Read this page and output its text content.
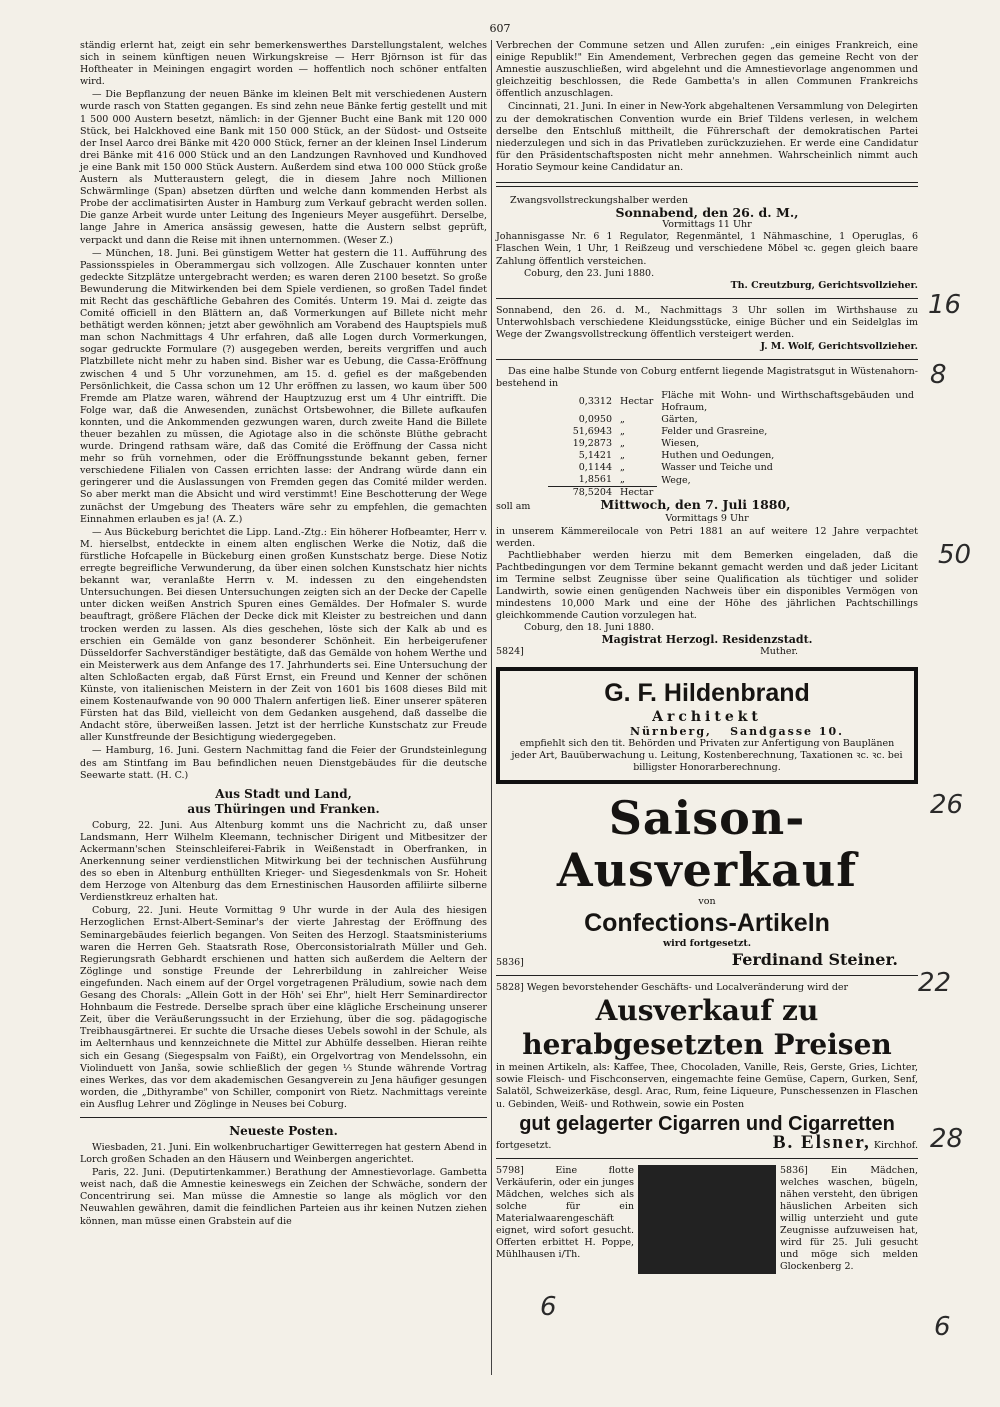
607

ständig erlernt hat, zeigt ein sehr bemerkenswerthes Darstellungstalent, welches sich in seinem künftigen neuen Wirkungskreise — Herr Björnson ist für das Hoftheater in Meiningen engagirt worden — hoffentlich noch schöner entfalten wird.

— Die Bepflanzung der neuen Bänke im kleinen Belt mit verschiedenen Austern wurde rasch von Statten gegangen. Es sind zehn neue Bänke fertig gestellt und mit 1 500 000 Austern besetzt, nämlich: in der Gjenner Bucht eine Bank mit 120 000 Stück, bei Halckhoved eine Bank mit 150 000 Stück, an der Südost- und Ostseite der Insel Aarco drei Bänke mit 420 000 Stück, ferner an der kleinen Insel Linderum drei Bänke mit 416 000 Stück und an den Landzungen Ravnhoved und Kundhoved je eine Bank mit 150 000 Stück Austern. Außerdem sind etwa 100 000 Stück große Austern als Mutteraustern gelegt, die in diesem Jahre noch Millionen Schwärmlinge (Span) absetzen dürften und welche dann kommenden Herbst als Probe der acclimatisirten Auster in Hamburg zum Verkauf gebracht werden sollen. Die ganze Arbeit wurde unter Leitung des Ingenieurs Meyer ausgeführt. Derselbe, lange Jahre in America ansässig gewesen, hatte die Austern selbst geprüft, verpackt und dann die Reise mit ihnen unternommen. (Weser Z.)

— München, 18. Juni. Bei günstigem Wetter hat gestern die 11. Aufführung des Passionsspieles in Oberammergau sich vollzogen. Alle Zuschauer konnten unter gedeckte Sitzplätze untergebracht werden; es waren deren 2100 besetzt. So große Bewunderung die Mitwirkenden bei dem Spiele verdienen, so großen Tadel findet mit Recht das geschäftliche Gebahren des Comités. Unterm 19. Mai d. zeigte das Comité officiell in den Blättern an, daß Vormerkungen auf Billete nicht mehr bethätigt werden können; jetzt aber gewöhnlich am Vorabend des Hauptspiels muß man schon Nachmittags 4 Uhr erfahren, daß alle Logen durch Vormerkungen, sogar gedruckte Formulare (?) ausgegeben werden, bereits vergriffen und auch Platzbillete nicht mehr zu haben sind. Bisher war es Uebung, die Cassa-Eröffnung zwischen 4 und 5 Uhr vorzunehmen, am 15. d. gefiel es der maßgebenden Persönlichkeit, die Cassa schon um 12 Uhr eröffnen zu lassen, wo kaum über 500 Fremde am Platze waren, während der Hauptzuzug erst um 4 Uhr eintrifft. Die Folge war, daß die Anwesenden, zunächst Ortsbewohner, die Billete aufkaufen konnten, und die Ankommenden gezwungen waren, durch zweite Hand die Billete theuer bezahlen zu müssen, die Agiotage also in die schönste Blüthe gebracht wurde. Dringend rathsam wäre, daß das Comité die Eröffnung der Cassa nicht mehr so früh vornehmen, oder die Eröffnungsstunde bekannt geben, ferner verschiedene Filialen von Cassen errichten lasse: der Andrang würde dann ein geringerer und die Auslassungen von Fremden gegen das Comité milder werden. So aber merkt man die Absicht und wird verstimmt! Eine Beschotterung der Wege zunächst der Umgebung des Theaters wäre sehr zu empfehlen, die gemachten Einnahmen erlauben es ja! (A. Z.)

— Aus Bückeburg berichtet die Lipp. Land.-Ztg.: Ein höherer Hofbeamter, Herr v. M. hierselbst, entdeckte in einem alten englischen Werke die Notiz, daß die fürstliche Hofcapelle in Bückeburg einen großen Kunstschatz berge. Diese Notiz erregte begreifliche Verwunderung, da über einen solchen Kunstschatz hier nichts bekannt war, veranlaßte Herrn v. M. indessen zu den eingehendsten Untersuchungen. Bei diesen Untersuchungen zeigten sich an der Decke der Capelle unter dicken weißen Anstrich Spuren eines Gemäldes. Der Hofmaler S. wurde beauftragt, größere Flächen der Decke dick mit Kleister zu bestreichen und dann trocken werden zu lassen. Als dies geschehen, löste sich der Kalk ab und es erschien ein Gemälde von ganz besonderer Schönheit. Ein herbeigerufener Düsseldorfer Sachverständiger bestätigte, daß das Gemälde von hohem Werthe und ein Meisterwerk aus dem Anfange des 17. Jahrhunderts sei. Eine Untersuchung der alten Schloßacten ergab, daß Fürst Ernst, ein Freund und Kenner der schönen Künste, von italienischen Meistern in der Zeit von 1601 bis 1608 dieses Bild mit einem Kostenaufwande von 90 000 Thalern anfertigen ließ. Einer unserer späteren Fürsten hat das Bild, vielleicht von dem Gedanken ausgehend, daß dasselbe die Andacht störe, überweißen lassen. Jetzt ist der herrliche Kunstschatz zur Freude aller Kunstfreunde der Besichtigung wiedergegeben.

— Hamburg, 16. Juni. Gestern Nachmittag fand die Feier der Grundsteinlegung des am Stintfang im Bau befindlichen neuen Dienstgebäudes für die deutsche Seewarte statt. (H. C.)

Aus Stadt und Land,
aus Thüringen und Franken.

Coburg, 22. Juni. Aus Altenburg kommt uns die Nachricht zu, daß unser Landsmann, Herr Wilhelm Kleemann, technischer Dirigent und Mitbesitzer der Ackermann'schen Steinschleiferei-Fabrik in Weißenstadt in Oberfranken, in Anerkennung seiner verdienstlichen Mitwirkung bei der technischen Ausführung des so eben in Altenburg enthüllten Krieger- und Siegesdenkmals von Sr. Hoheit dem Herzoge von Altenburg das dem Ernestinischen Hausorden affiliirte silberne Verdienstkreuz erhalten hat.

Coburg, 22. Juni. Heute Vormittag 9 Uhr wurde in der Aula des hiesigen Herzoglichen Ernst-Albert-Seminar's der vierte Jahrestag der Eröffnung des Seminargebäudes feierlich begangen. Von Seiten des Herzogl. Staatsministeriums waren die Herren Geh. Staatsrath Rose, Oberconsistorialrath Müller und Geh. Regierungsrath Gebhardt erschienen und hatten sich außerdem die Aeltern der Zöglinge und sonstige Freunde der Lehrerbildung in zahlreicher Weise eingefunden. Nach einem auf der Orgel vorgetragenen Präludium, sowie nach dem Gesang des Chorals: „Allein Gott in der Höh' sei Ehr", hielt Herr Seminardirector Hohnbaum die Festrede. Derselbe sprach über eine klägliche Erscheinung unserer Zeit, über die Veräußerungssucht in der Erziehung, über die sog. pädagogische Treibhausgärtnerei. Er suchte die Ursache dieses Uebels sowohl in der Schule, als im Aelternhaus und kennzeichnete die Mittel zur Abhülfe desselben. Hieran reihte sich ein Gesang (Siegespsalm von Faißt), ein Orgelvortrag von Mendelssohn, ein Violinduett von Janša, sowie schließlich der gegen ⅓ Stunde währende Vortrag eines Werkes, das vor dem akademischen Gesangverein zu Jena häufiger gesungen worden, die „Dithyrambe" von Schiller, componirt von Rietz. Nachmittags vereinte ein Ausflug Lehrer und Zöglinge in Neuses bei Coburg.

Neueste Posten.

Wiesbaden, 21. Juni. Ein wolkenbruchartiger Gewitterregen hat gestern Abend in Lorch großen Schaden an den Häusern und Weinbergen angerichtet.

Paris, 22. Juni. (Deputirtenkammer.) Berathung der Amnestievorlage. Gambetta weist nach, daß die Amnestie keineswegs ein Zeichen der Schwäche, sondern der Concentrirung sei. Man müsse die Amnestie so lange als möglich vor den Neuwahlen gewähren, damit die feindlichen Parteien aus ihr keinen Nutzen ziehen können, man müsse einen Grabstein auf die

Verbrechen der Commune setzen und Allen zurufen: „ein einiges Frankreich, eine einige Republik!" Ein Amendement, Verbrechen gegen das gemeine Recht von der Amnestie auszuschließen, wird abgelehnt und die Amnestievorlage angenommen und gleichzeitig beschlossen, die Rede Gambetta's in allen Communen Frankreichs öffentlich anzuschlagen.

Cincinnati, 21. Juni. In einer in New-York abgehaltenen Versammlung von Delegirten zu der demokratischen Convention wurde ein Brief Tildens verlesen, in welchem derselbe den Entschluß mittheilt, die Führerschaft der demokratischen Partei niederzulegen und sich in das Privatleben zurückzuziehen. Er werde eine Candidatur für den Präsidentschaftsposten nicht mehr annehmen. Wahrscheinlich nimmt auch Horatio Seymour keine Candidatur an.

Zwangsvollstreckungshalber werden
Sonnabend, den 26. d. M.,
Vormittags 11 Uhr
Johannisgasse Nr. 6 1 Regulator, Regenmäntel, 1 Nähmaschine, 1 Operuglas, 6 Flaschen Wein, 1 Uhr, 1 Reißzeug und verschiedene Möbel ꝛc. gegen gleich baare Zahlung öffentlich versteichen.
Coburg, den 23. Juni 1880.
Th. Creutzburg, Gerichtsvollzieher.
Sonnabend, den 26. d. M., Nachmittags 3 Uhr sollen im Wirthshause zu Unterwohlsbach verschiedene Kleidungsstücke, einige Bücher und ein Seidelglas im Wege der Zwangsvollstreckung öffentlich versteigert werden.
J. M. Wolf, Gerichtsvollzieher.
Das eine halbe Stunde von Coburg entfernt liegende Magistratsgut in Wüstenahorn- bestehend in
0,3312	Hectar	Fläche mit Wohn- und Wirthschaftsgebäuden und Hofraum,
0,0950	„	Gärten,
51,6943	„	Felder und Grasreine,
19,2873	„	Wiesen,
5,1421	„	Huthen und Oedungen,
0,1144	„	Wasser und Teiche und
1,8561	„	Wege,
78,5204	Hectar	
soll am	Mittwoch, den 7. Juli 1880,
Vormittags 9 Uhr
in unserem Kämmereilocale von Petri 1881 an auf weitere 12 Jahre verpachtet werden.
Pachtliebhaber werden hierzu mit dem Bemerken eingeladen, daß die Pachtbedingungen vor dem Termine bekannt gemacht werden und daß jeder Licitant im Termine selbst Zeugnisse über seine Qualification als tüchtiger und solider Landwirth, sowie einen genügenden Nachweis über ein disponibles Vermögen von mindestens 10,000 Mark und eine der Höhe des jährlichen Pachtschillings gleichkommende Caution vorzulegen hat.
Coburg, den 18. Juni 1880.
Magistrat Herzogl. Residenzstadt.
5824]	Muther.
G. F. Hildenbrand
Architekt
Nürnberg, Sandgasse 10.
empfiehlt sich den tit. Behörden und Privaten zur Anfertigung von Bauplänen jeder Art, Bauüberwachung u. Leitung, Kostenberechnung, Taxationen ꝛc. ꝛc. bei billigster Honorarberechnung.
Saison-Ausverkauf
von
Confections-Artikeln
wird fortgesetzt.
5836]	Ferdinand Steiner.
5828] Wegen bevorstehender Geschäfts- und Localveränderung wird der
Ausverkauf zu herabgesetzten Preisen
in meinen Artikeln, als: Kaffee, Thee, Chocoladen, Vanille, Reis, Gerste, Gries, Lichter, sowie Fleisch- und Fischconserven, eingemachte feine Gemüse, Capern, Gurken, Senf, Salatöl, Schweizerkäse, desgl. Arac, Rum, feine Liqueure, Punschessenzen in Flaschen u. Gebinden, Weiß- und Rothwein, sowie ein Posten
gut gelagerter Cigarren und Cigarretten
fortgesetzt.	B. Elsner, Kirchhof.
5798] Eine flotte Verkäuferin, oder ein junges Mädchen, welches sich als solche für ein Materialwaarengeschäft eignet, wird sofort gesucht. Offerten erbittet H. Poppe, Mühlhausen i/Th.
5836] Ein Mädchen, welches waschen, bügeln, nähen versteht, den übrigen häuslichen Arbeiten sich willig unterzieht und gute Zeugnisse aufzuweisen hat, wird für 25. Juli gesucht und möge sich melden Glockenberg 2.
16
8
50
26
22
28
6
6
